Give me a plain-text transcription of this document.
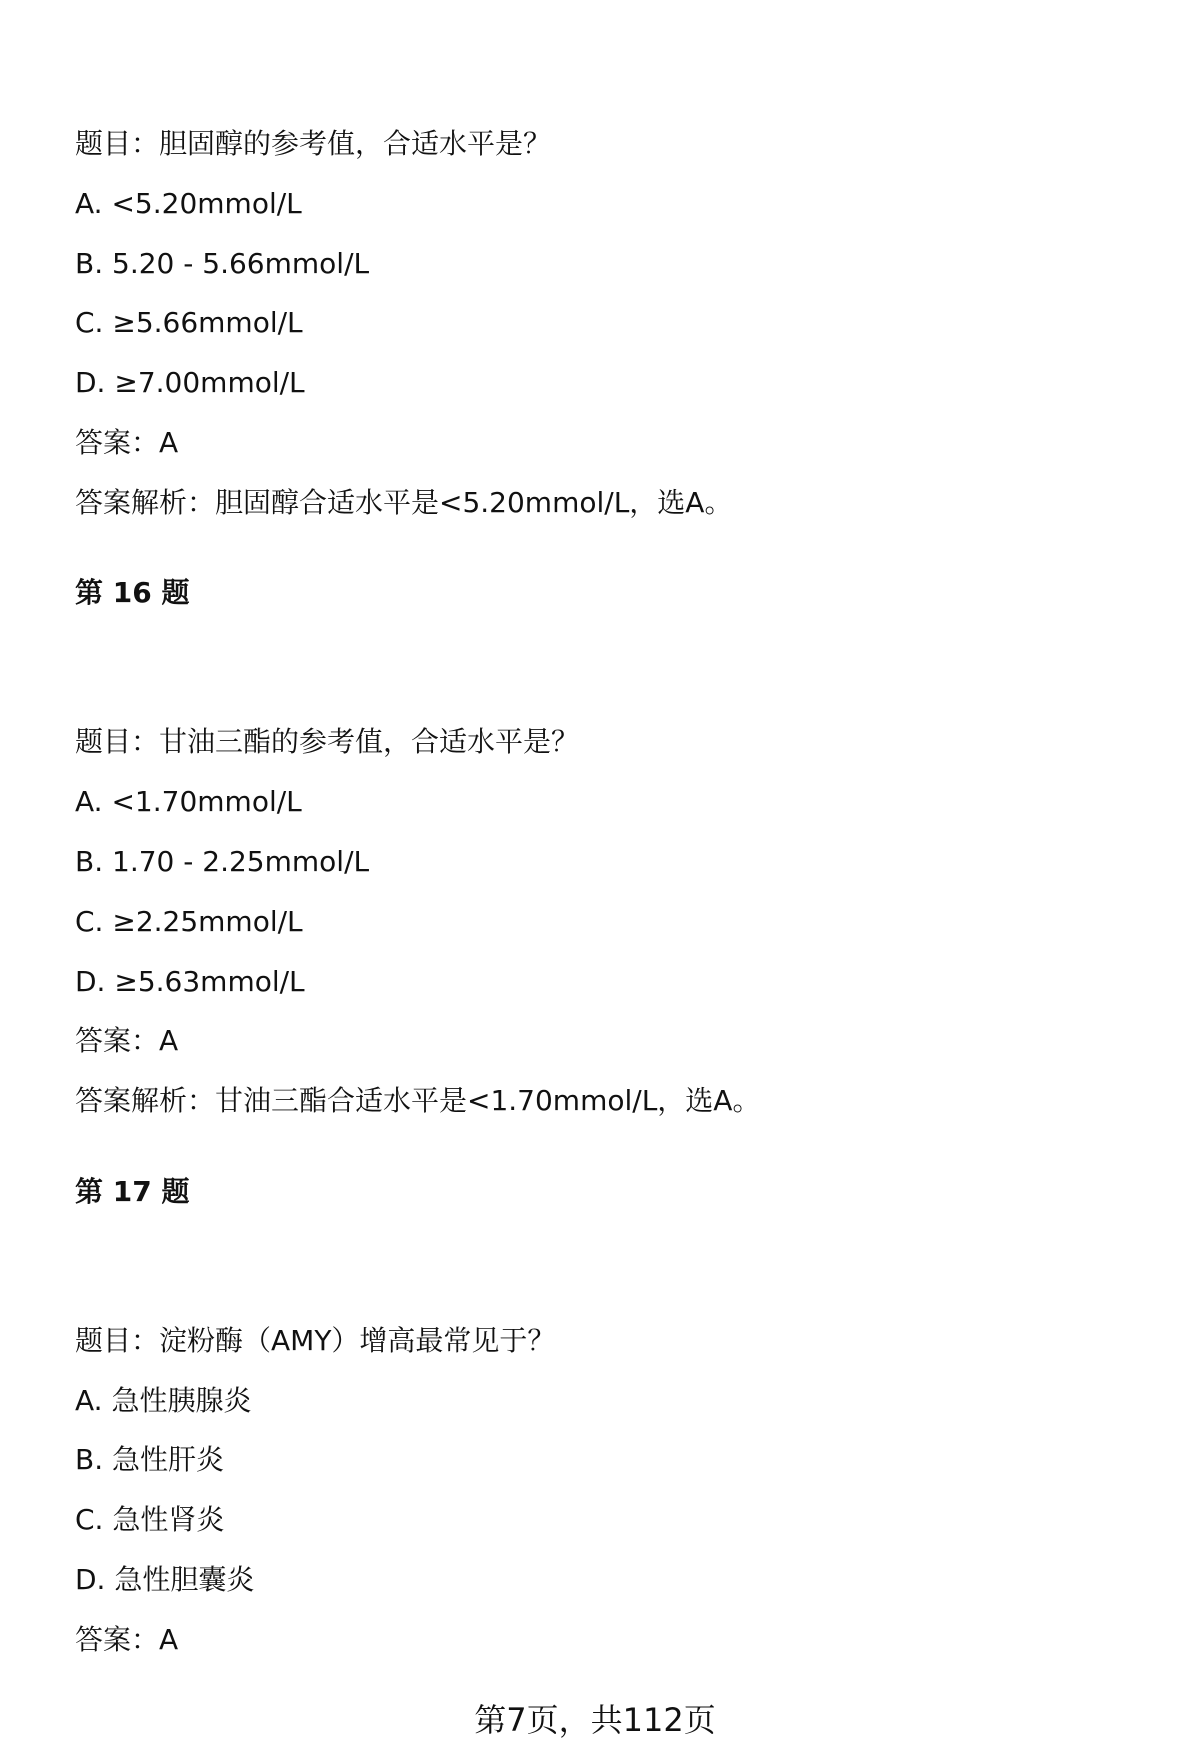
题目：胆固醇的参考值，合适水平是？
A. <5.20mmol/L
B. 5.20 - 5.66mmol/L
C. ≥5.66mmol/L
D. ≥7.00mmol/L
答案：A
答案解析：胆固醇合适水平是<5.20mmol/L，选A。
第 16 题
题目：甘油三酯的参考值，合适水平是？
A. <1.70mmol/L
B. 1.70 - 2.25mmol/L
C. ≥2.25mmol/L
D. ≥5.63mmol/L
答案：A
答案解析：甘油三酯合适水平是<1.70mmol/L，选A。
第 17 题
题目：淀粉酶（AMY）增高最常见于？
A. 急性胰腺炎
B. 急性肝炎
C. 急性肾炎
D. 急性胆囊炎
答案：A
第7页，共112页
